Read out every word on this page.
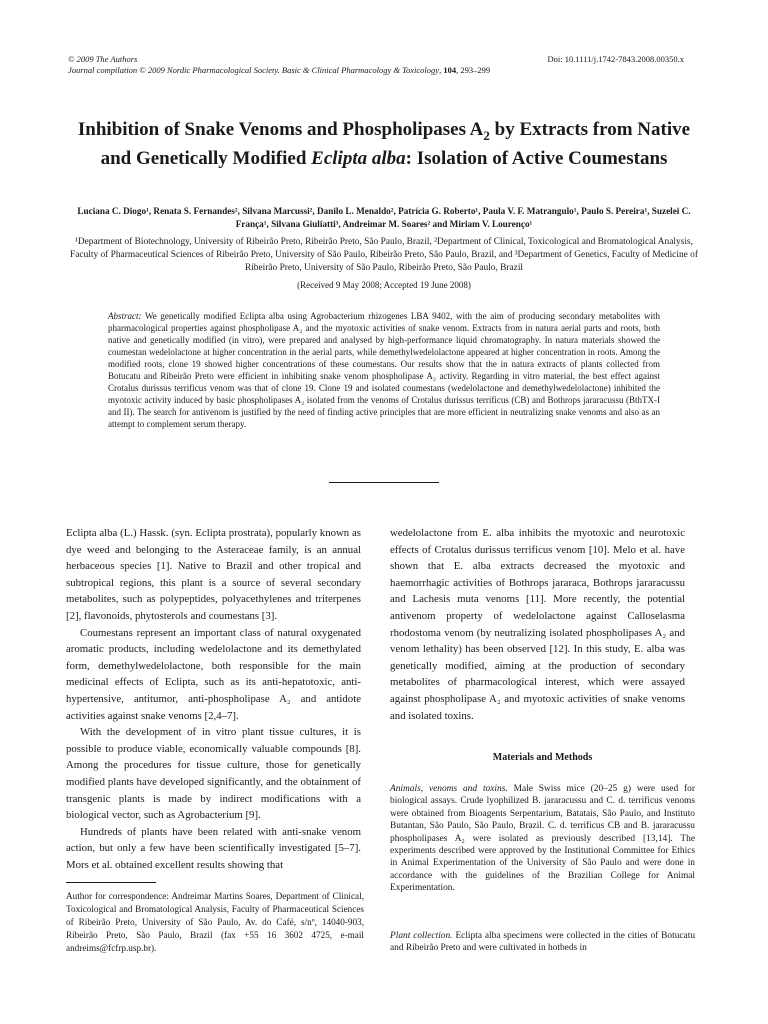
© 2009 The Authors
Journal compilation © 2009 Nordic Pharmacological Society. Basic & Clinical Pharmacology & Toxicology, 104, 293–299
Doi: 10.1111/j.1742-7843.2008.00350.x
Inhibition of Snake Venoms and Phospholipases $A_2$ by Extracts from Native and Genetically Modified Eclipta alba: Isolation of Active Coumestans
Luciana C. Diogo¹, Renata S. Fernandes², Silvana Marcussi², Danilo L. Menaldo², Patrícia G. Roberto¹, Paula V. F. Matrangulo¹, Paulo S. Pereira¹, Suzelei C. França¹, Silvana Giuliatti³, Andreimar M. Soares² and Miriam V. Lourenço¹
¹Department of Biotechnology, University of Ribeirão Preto, Ribeirão Preto, São Paulo, Brazil, ²Department of Clinical, Toxicological and Bromatological Analysis, Faculty of Pharmaceutical Sciences of Ribeirão Preto, University of São Paulo, Ribeirão Preto, São Paulo, Brazil, and ³Department of Genetics, Faculty of Medicine of Ribeirão Preto, University of São Paulo, Ribeirão Preto, São Paulo, Brazil
(Received 9 May 2008; Accepted 19 June 2008)
Abstract: We genetically modified Eclipta alba using Agrobacterium rhizogenes LBA 9402, with the aim of producing secondary metabolites with pharmacological properties against phospholipase A₂ and the myotoxic activities of snake venom. Extracts from in natura aerial parts and roots, both native and genetically modified (in vitro), were prepared and analysed by high-performance liquid chromatography. In natura materials showed the coumestan wedelolactone at higher concentration in the aerial parts, while demethylwedelolactone appeared at higher concentration in roots. Among the modified roots, clone 19 showed higher concentrations of these coumestans. Our results show that the in natura extracts of plants collected from Botucatu and Ribeirão Preto were efficient in inhibiting snake venom phospholipase A₂ activity. Regarding in vitro material, the best effect against Crotalus durissus terrificus venom was that of clone 19. Clone 19 and isolated coumestans (wedelolactone and demethylwedelolactone) inhibited the myotoxic activity induced by basic phospholipases A₂ isolated from the venoms of Crotalus durissus terrificus (CB) and Bothrops jararacussu (BthTX-I and II). The search for antivenom is justified by the need of finding active principles that are more efficient in neutralizing snake venoms and also as an attempt to complement serum therapy.

Eclipta alba (L.) Hassk. (syn. Eclipta prostrata), popularly known as dye weed and belonging to the Asteraceae family, is an annual herbaceous species [1]. Native to Brazil and other tropical and subtropical regions, this plant is a source of several secondary metabolites, such as polypeptides, polyacethylenes and triterpenes [2], flavonoids, phytosterols and coumestans [3].

Coumestans represent an important class of natural oxygenated aromatic products, including wedelolactone and its demethylated form, demethylwedelolactone, both responsible for the main medicinal effects of Eclipta, such as its anti-hepatotoxic, anti-hypertensive, antitumor, anti-phospholipase A₂ and antidote activities against snake venoms [2,4–7].

With the development of in vitro plant tissue cultures, it is possible to produce viable, economically valuable compounds [8]. Among the procedures for tissue culture, those for genetically modified plants have developed significantly, and the obtainment of transgenic plants is made by indirect modifications with a biological vector, such as Agrobacterium [9].

Hundreds of plants have been related with anti-snake venom action, but only a few have been scientifically investigated [5–7]. Mors et al. obtained excellent results showing that

Author for correspondence: Andreimar Martins Soares, Department of Clinical, Toxicological and Bromatological Analysis, Faculty of Pharmaceutical Sciences of Ribeirão Preto, University of São Paulo, Av. do Café, s/nº, 14040-903, Ribeirão Preto, São Paulo, Brazil (fax +55 16 3602 4725, e-mail andreims@fcfrp.usp.br).

wedelolactone from E. alba inhibits the myotoxic and neurotoxic effects of Crotalus durissus terrificus venom [10]. Melo et al. have shown that E. alba extracts decreased the myotoxic and haemorrhagic activities of Bothrops jararaca, Bothrops jararacussu and Lachesis muta venoms [11]. More recently, the potential antivenom property of wedelolactone against Calloselasma rhodostoma venom (by neutralizing isolated phospholipases A₂ and venom lethality) has been observed [12]. In this study, E. alba was genetically modified, aiming at the production of secondary metabolites of pharmacological interest, which were assayed against phospholipase A₂ and myotoxic activities of snake venoms and isolated toxins.

Materials and Methods
Animals, venoms and toxins. Male Swiss mice (20–25 g) were used for biological assays. Crude lyophilized B. jararacussu and C. d. terrificus venoms were obtained from Bioagents Serpentarium, Batatais, São Paulo, and Instituto Butantan, São Paulo, São Paulo, Brazil. C. d. terrificus CB and B. jararacussu phospholipases A₂ were isolated as previously described [13,14]. The experiments described were approved by the Institutional Committee for Ethics in Animal Experimentation of the University of São Paulo and were done in accordance with the guidelines of the Brazilian College for Animal Experimentation.
Plant collection. Eclipta alba specimens were collected in the cities of Botucatu and Ribeirão Preto and were cultivated in hotbeds in
